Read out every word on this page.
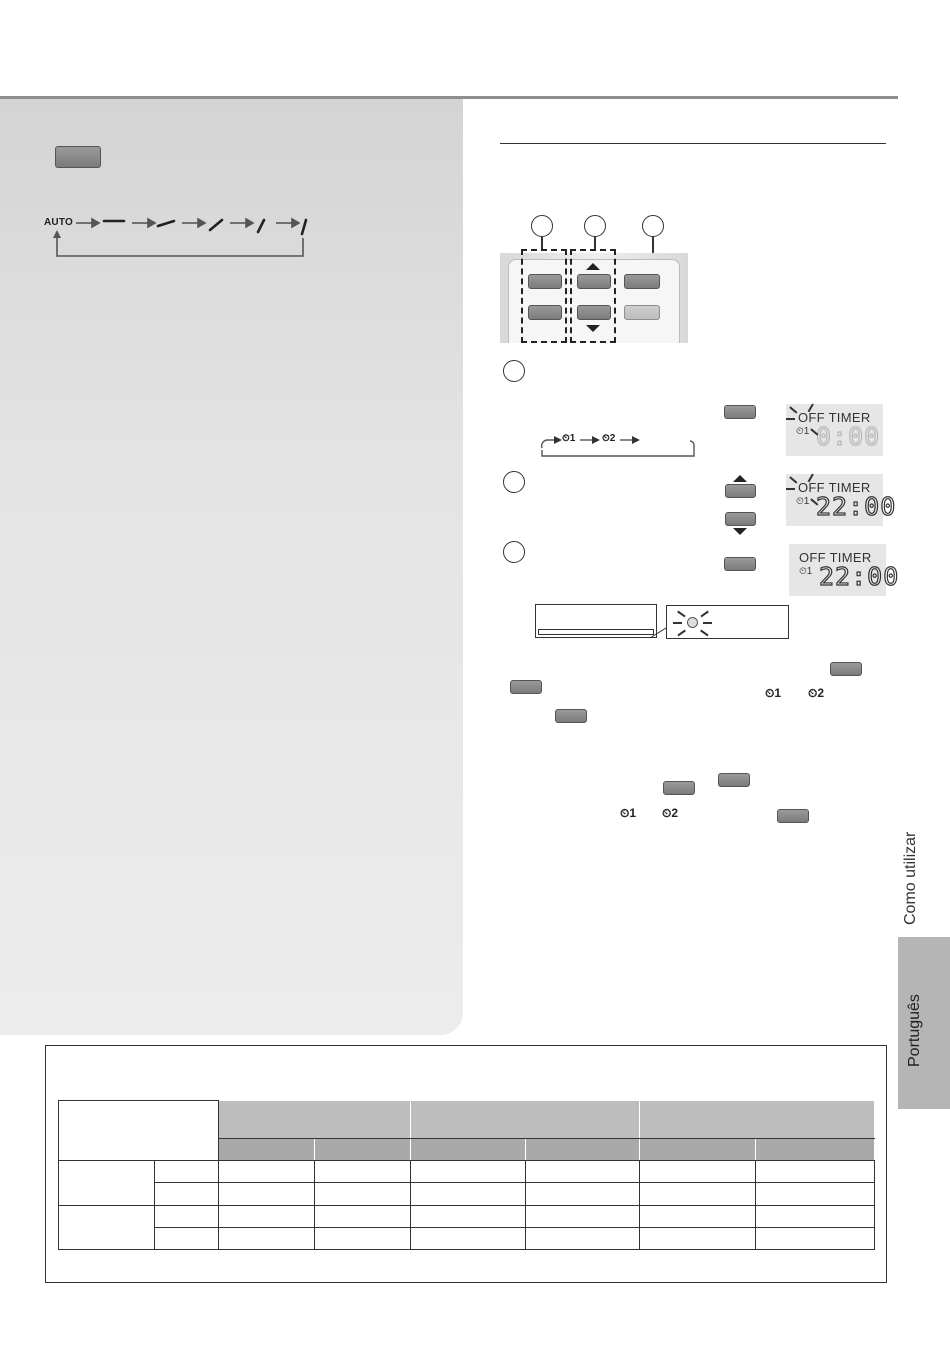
AUTO
⏲1	⏲2
OFF TIMER
⏲1 0:00
OFF TIMER
⏲1 22:00
OFF TIMER
⏲1 22:00
⏲1 ⏲2
⏲1 ⏲2
Como utilizar
Português
